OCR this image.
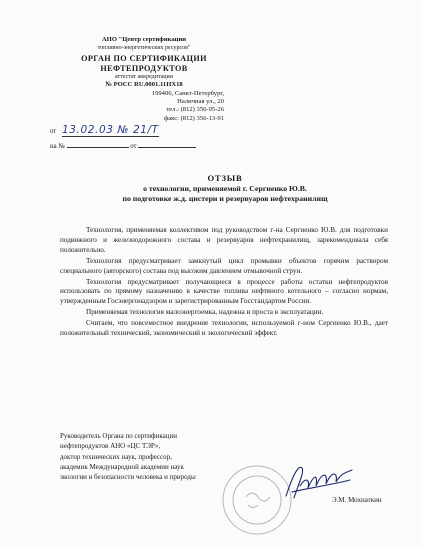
АНО "Центр сертификации
топливно-энергетических ресурсов"
ОРГАН ПО СЕРТИФИКАЦИИ
НЕФТЕПРОДУКТОВ
аттестат аккредитации
№ РОСС RU.0001.11НХ18
199406, Санкт-Петербург,
Наличная ул., 20
тел.: (812) 356-95-26
факс: (812) 356-13-91
от 13.02.03 № 21/Т
на №	от
ОТЗЫВ
о технологии, применяемой г. Сергиенко Ю.В.
по подготовке ж.д. цистерн и резервуаров нефтехранилищ

Технология, применяемая коллективом под руководством г-на Сергиенко Ю.В. для подготовки подвижного и железнодорожного состава и резервуаров нефтехранилищ, зарекомендовала себя положительно.

Технология предусматривает замкнутый цикл промывки объектов горячим раствором специального (авторского) состава под высоким давлением отмывочной струи.

Технология предусматривает получающиеся в процессе работы остатки нефтепродуктов использовать по прямому назначению в качестве топлива нефтяного котельного – согласно нормам, утвержденным Госэнергонадзором и зарегистрированным Госстандартом России.

Применяемая технология малоэнергоемка, надежна и проста в эксплуатации.

Считаем, что повсеместное внедрение технологии, используемой г-ном Сергиенко Ю.В., дает положительный технический, экономический и экологический эффект.

Руководитель Органа по сертификации
нефтепродуктов АНО «ЦС ТЭР»,
доктор технических наук, профессор,
академик Международной академии наук
экологии и безопасности человека и природы
Э.М. Мохнаткин
